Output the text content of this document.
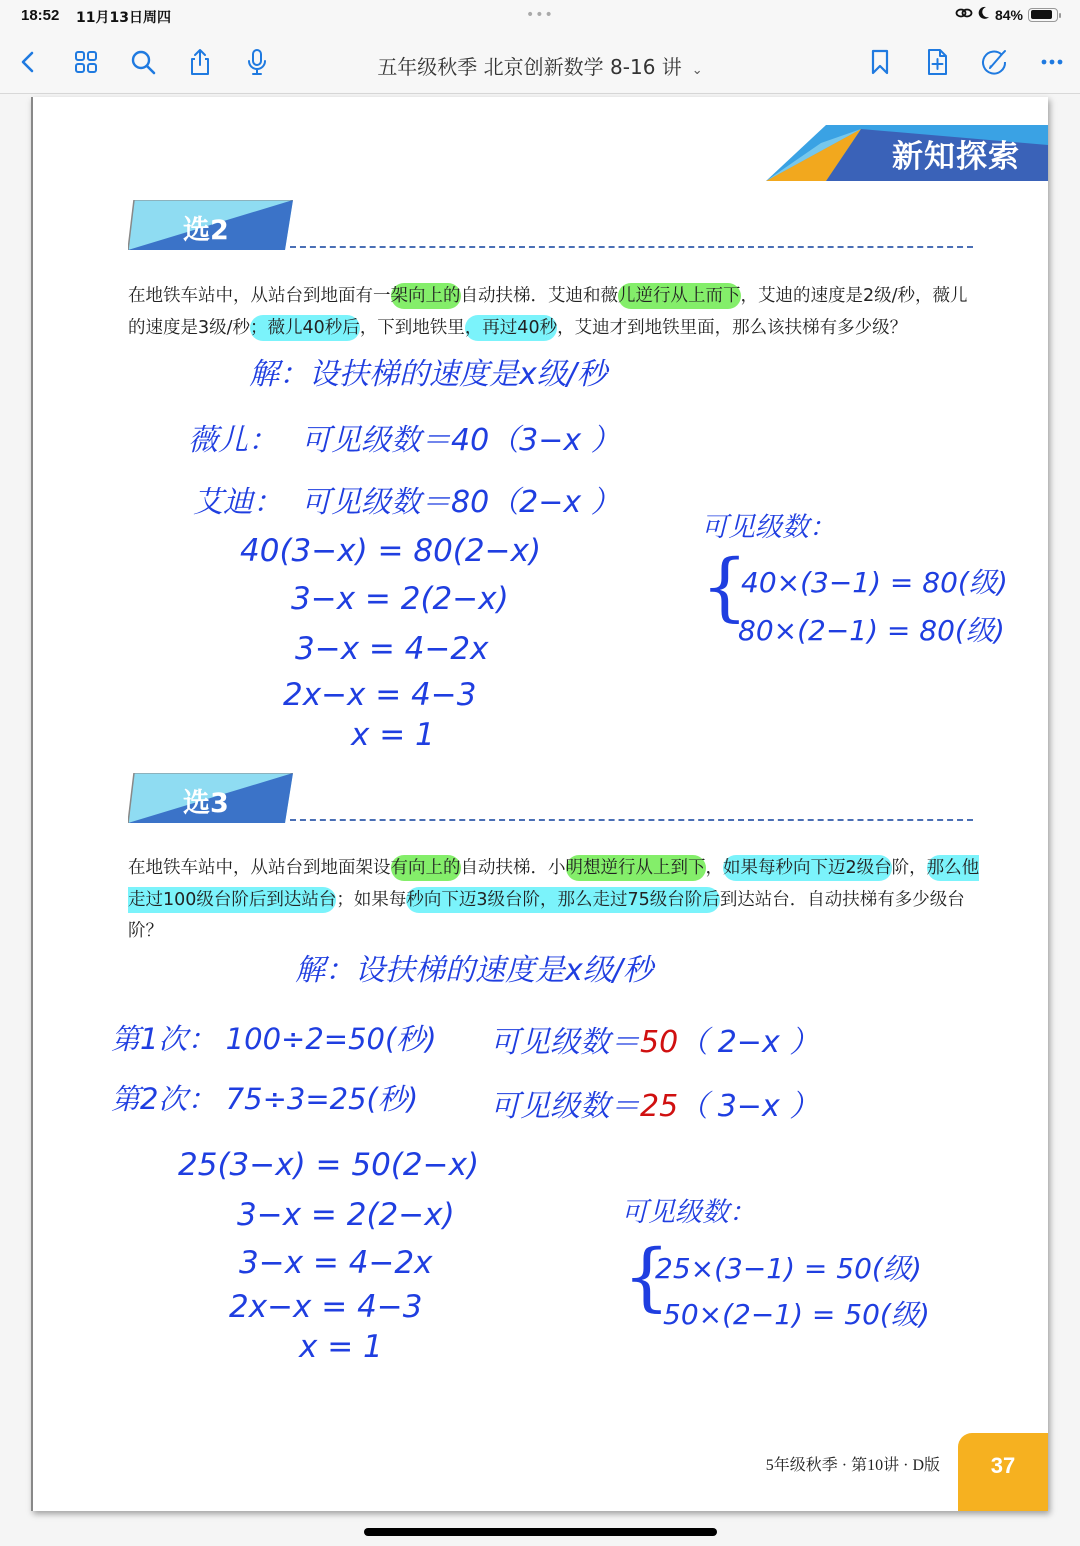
18:52 11月13日周四	•••	84%
五年级秋季 北京创新数学 8-16 讲 ⌄
新知探索
选2
在地铁车站中，从站台到地面有一架向上的自动扶梯．艾迪和薇儿逆行从上而下，艾迪的速度是2级/秒，薇儿的速度是3级/秒；薇儿40秒后，下到地铁里，再过40秒，艾迪才到地铁里面，那么该扶梯有多少级？
解：设扶梯的速度是x级/秒
薇儿： 可见级数＝40（3−x ）
艾迪： 可见级数＝80（2−x ）
40(3−x) = 80(2−x)
3−x = 2(2−x)
3−x = 4−2x
2x−x = 4−3
x = 1
可见级数：
{
40×(3−1) = 80(级)
80×(2−1) = 80(级)
选3
在地铁车站中，从站台到地面架设有向上的自动扶梯．小明想逆行从上到下，如果每秒向下迈2级台阶，那么他走过100级台阶后到达站台；如果每秒向下迈3级台阶，那么走过75级台阶后到达站台．自动扶梯有多少级台阶？
解：设扶梯的速度是x级/秒
第1次： 100÷2=50(秒)
第2次： 75÷3=25(秒)
可见级数＝50（ 2−x ）
可见级数＝25（ 3−x ）
25(3−x) = 50(2−x)
3−x = 2(2−x)
3−x = 4−2x
2x−x = 4−3
x = 1
可见级数：
{
25×(3−1) = 50(级)
50×(2−1) = 50(级)
5年级秋季 · 第10讲 · D版	37
